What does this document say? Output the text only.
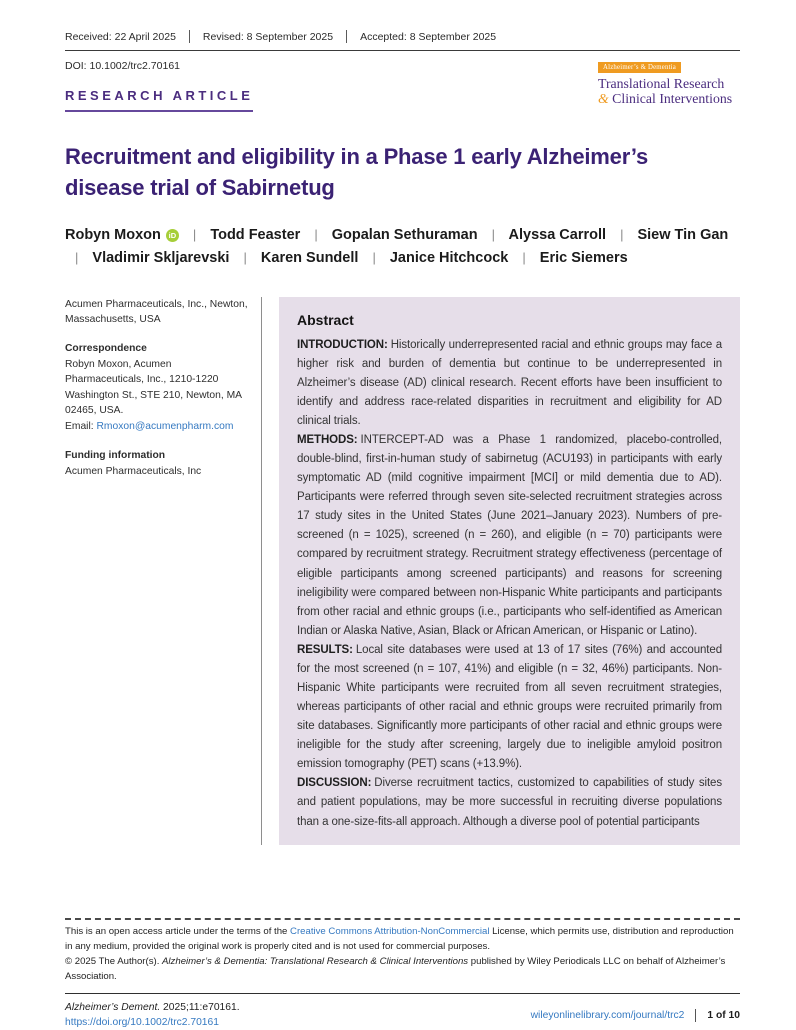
Received: 22 April 2025	Revised: 8 September 2025	Accepted: 8 September 2025
DOI: 10.1002/trc2.70161	Alzheimer’s & Dementia
Translational Research
& Clinical Interventions
RESEARCH ARTICLE
Recruitment and eligibility in a Phase 1 early Alzheimer’s disease trial of Sabirnetug
Robyn Moxon iD | Todd Feaster | Gopalan Sethuraman | Alyssa Carroll | Siew Tin Gan | Vladimir Skljarevski | Karen Sundell | Janice Hitchcock | Eric Siemers

Acumen Pharmaceuticals, Inc., Newton, Massachusetts, USA

Correspondence

Robyn Moxon, Acumen Pharmaceuticals, Inc., 1210-1220 Washington St., STE 210, Newton, MA 02465, USA.

Email: Rmoxon@acumenpharm.com

Funding information

Acumen Pharmaceuticals, Inc

Abstract

INTRODUCTION: Historically underrepresented racial and ethnic groups may face a higher risk and burden of dementia but continue to be underrepresented in Alzheimer’s disease (AD) clinical research. Recent efforts have been insufficient to identify and address race-related disparities in recruitment and eligibility for AD clinical trials.

METHODS: INTERCEPT-AD was a Phase 1 randomized, placebo-controlled, double-blind, first-in-human study of sabirnetug (ACU193) in participants with early symptomatic AD (mild cognitive impairment [MCI] or mild dementia due to AD). Participants were referred through seven site-selected recruitment strategies across 17 study sites in the United States (June 2021–January 2023). Numbers of pre-screened (n = 1025), screened (n = 260), and eligible (n = 70) participants were compared by recruitment strategy. Recruitment strategy effectiveness (percentage of eligible participants among screened participants) and reasons for screening ineligibility were compared between non-Hispanic White participants and participants from other racial and ethnic groups (i.e., participants who self-identified as American Indian or Alaska Native, Asian, Black or African American, or Hispanic or Latino).

RESULTS: Local site databases were used at 13 of 17 sites (76%) and accounted for the most screened (n = 107, 41%) and eligible (n = 32, 46%) participants. Non-Hispanic White participants were recruited from all seven recruitment strategies, whereas participants of other racial and ethnic groups were recruited primarily from site databases. Significantly more participants of other racial and ethnic groups were ineligible for the study after screening, largely due to ineligible amyloid positron emission tomography (PET) scans (+13.9%).

DISCUSSION: Diverse recruitment tactics, customized to capabilities of study sites and patient populations, may be more successful in recruiting diverse populations than a one-size-fits-all approach. Although a diverse pool of potential participants

This is an open access article under the terms of the Creative Commons Attribution-NonCommercial License, which permits use, distribution and reproduction in any medium, provided the original work is properly cited and is not used for commercial purposes.
© 2025 The Author(s). Alzheimer’s & Dementia: Translational Research & Clinical Interventions published by Wiley Periodicals LLC on behalf of Alzheimer’s Association.
Alzheimer’s Dement. 2025;11:e70161.
https://doi.org/10.1002/trc2.70161
wileyonlinelibrary.com/journal/trc2 1 of 10
